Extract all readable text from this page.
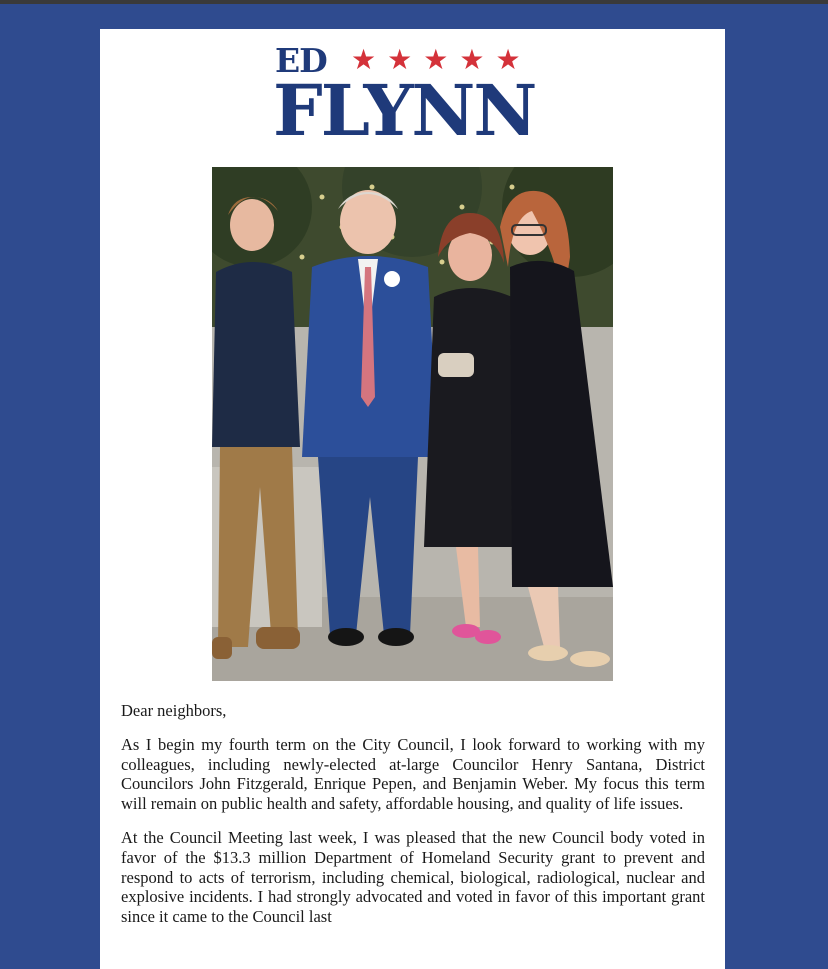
ED ★ ★ ★ ★ ★
FLYNN

Dear neighbors,

As I begin my fourth term on the City Council, I look forward to working with my colleagues, including newly-elected at-large Councilor Henry Santana, District Councilors John Fitzgerald, Enrique Pepen, and Benjamin Weber. My focus this term will remain on public health and safety, affordable housing, and quality of life issues.

At the Council Meeting last week, I was pleased that the new Council body voted in favor of the $13.3 million Department of Homeland Security grant to prevent and respond to acts of terrorism, including chemical, biological, radiological, nuclear and explosive incidents. I had strongly advocated and voted in favor of this important grant since it came to the Council last
